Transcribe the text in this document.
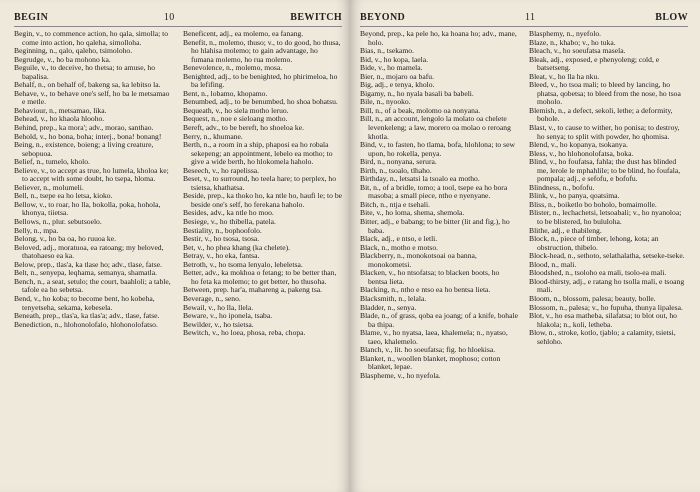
BEGIN	10	BEWITCH

Begin, v., to commence action, ho qala, simolla; to come into action, ho qaleha, simolloha.

Beginning, n., qalo, qaleho, tsimoloho.

Begrudge, v., ho ba mohono ka.

Beguile, v., to deceive, ho thetsa; to amuse, ho bapalisa.

Behalf, n., on behalf of, bakeng sa, ka lebitso la.

Behave, v., to behave one's self, ho ba le metsamao e metle.

Behaviour, n., metsamao, lika.

Behead, v., ho khaola hlooho.

Behind, prep., ka mora'; adv., morao, santhao.

Behold, v., ho bona, boha; interj., bona! bonang!

Being, n., existence, boieng; a living creature, sebopuoa.

Belief, n., tumelo, kholo.

Believe, v., to accept as true, ho lumela, kholoa ke; to accept with some doubt, ho tsepa, hloma.

Believer, n., molumeli.

Bell, n., tsepe ea ho letsa, kioko.

Bellow, v., to roar, ho lla, bokolla, poka, hohola, khonya, tiietsa.

Bellows, n., plur. sebutsoelo.

Belly, n., mpa.

Belong, v., ho ba oa, ho ruuoa ke.

Beloved, adj., moratuoa, ea ratoang; my beloved, thatohaeso ea ka.

Below, prep., tlas'a, ka tlase ho; adv., tlase, fatse.

Belt, n., senyepa, leqhama, semanya, shamatla.

Bench, n., a seat, setulo; the court, baahloli; a table, tafole ea ho sebetsa.

Bend, v., ho koba; to become bent, ho kobeha, tenyetseha, sekama, kebesela.

Beneath, prep., tlas'a, ka tlas'a; adv., tlase, fatse.

Benediction, n., hlohonolofalo, hlohonolofatso.

Beneficent, adj., ea molemo, ea fanang.

Benefit, n., molemo, thuso; v., to do good, ho thusa, ho hlahisa molemo; to gain advantage, ho fumana molemo, ho rua molemo.

Benevolence, n., molemo, mosa.

Benighted, adj., to be benighted, ho phirimeloa, ho ba lefifing.

Bent, n., lobamo, khopamo.

Benumbed, adj., to be benumbed, ho shoa bohatsu.

Bequeath, v., ho siela motho leruo.

Bequest, n., noe e sieloang motho.

Bereft, adv., to be bereft, ho shoeloa ke.

Berry, n., khumane.

Berth, n., a room in a ship, phaposi ea ho robala sekepeng; an appointment, lebelo ea motho; to give a wide berth, ho hlokomela haholo.

Beseech, v., ho rapelissa.

Beset, v., to surround, ho teela hare; to perplex, ho tsietsa, khathatsa.

Beside, prep., ka thoko ho, ka ntle ho, haufi le; to be beside one's self, ho ferekana haholo.

Besides, adv., ka ntle ho moo.

Besiege, v., ho thibella, patela.

Bestiality, n., bophoofolo.

Bestir, v., ho tsosa, tsosa.

Bet, v., ho phea khang (ka chelete).

Betray, v., ho eka, fantsa.

Betroth, v., ho tsoma lenyalo, lebeletsa.

Better, adv., ka mokhoa o fetang; to be better than, ho feta ka molemo; to get better, ho thusoha.

Between, prep. har'a, mahareng a, pakeng tsa.

Beverage, n., seno.

Bewail, v., ho lla, llela.

Beware, v., ho iponela, tsaba.

Bewilder, v., ho tsietsa.

Bewitch, v., ho loea, phosa, reba, chopa.

BEYOND	11	BLOW

Beyond, prep., ka pele ho, ka hoana ho; adv., mane, holo.

Bias, n., tsekamo.

Bid, v., ho kopa, laela.

Bide, v., ho mamela.

Bier, n., mojaro oa bafu.

Big, adj., e tenya, kholo.

Bigamy, n., ho nyala basali ba babeli.

Bile, n., nyooko.

Bill, n., of a beak, molomo oa nonyana.

Bill, n., an account, lengolo la molato oa chelete levenkeleng; a law, morero oa molao o reroang khotla.

Bind, v., to fasten, ho tlama, bofa, hlohlona; to sew upon, ho rokella, penya.

Bird, n., nonyana, serura.

Birth, n., tsoalo, tlhaho.

Birthday, n., letsatsi la tsoalo ea motho.

Bit, n., of a bridle, tomo; a tool, tsepe ea ho bora masoba; a small piece, ntho e nyenyane.

Bitch, n., ntja e tsehali.

Bite, v., ho loma, shema, shemola.

Bitter, adj., e babang; to be bitter (lit and fig.), ho baba.

Black, adj., e ntso, e letli.

Black, n., motho e motso.

Blackberry, n., monokotsoai oa banna, monokometsi.

Blacken, v., ho ntsofatsa; to blacken boots, ho bentsa lieta.

Blacking, n., ntho e ntso ea ho bentsa lieta.

Blacksmith, n., lelala.

Bladder, n., senya.

Blade, n., of grass, qoba ea joang; of a knife, bohale ba thipa.

Blame, v., ho nyatsa, laea, khalemela; n., nyatso, taeo, khalemelo.

Blanch, v., lit. ho soeufatsa; fig. ho hloekisa.

Blanket, n., woollen blanket, mophoso; cotton blanket, lepae.

Blaspheme, v., ho nyefola.

Blasphemy, n., nyefolo.

Blaze, n., khabo; v., ho tuka.

Bleach, v., ho soeufatsa masela.

Bleak, adj., exposed, e phenyoleng; cold, e batsetseng.

Bleat, v., ho lla ha nku.

Bleed, v., ho tsoa mali; to bleed by lancing, ho phatsa, qobetsa; to bleed from the nose, ho tsoa moholo.

Blemish, n., a defect, sekoli, lethe; a deformity, bohole.

Blast, v., to cause to wither, ho ponisa; to destroy, ho senya; to split with powder, ho qhomisa.

Blend, v., ho kopanya, tsokanya.

Bless, v., ho hlohonolofatsa, boka.

Blind, v., ho foufatsa, fahla; the dust has blinded me, lerole le mphahlile; to be blind, ho foufala, pompala; adj., e sefofu, e bofofu.

Blindness, n., bofofu.

Blink, v., ho panya, qoatsima.

Bliss, n., boiketlo bo boholo, bomaimolle.

Blister, n., lechachetsi, letsoabali; v., ho nyanoloa; to be blistered, ho bululoha.

Blithe, adj., e thabileng.

Block, n., piece of timber, lehong, kota; an obstruction, thibelo.

Block-head, n., sethoto, selathalatha, setseke-tseke.

Blood, n., mali.

Bloodshed, n., tsoloho ea mali, tsolo-ea mali.

Blood-thirsty, adj., e ratang ho tsolla mali, e tsoang mali.

Bloom, n., blossom, palesa; beauty, bolle.

Blossom, n., palesa; v., ho fupuha, thunya lipalesa.

Blot, v., ho esa matheba, silafatsa; to blot out, ho hlakola; n., koli, letheba.

Blow, n., stroke, kotlo, tjablo; a calamity, tsietsi, sehloho.
